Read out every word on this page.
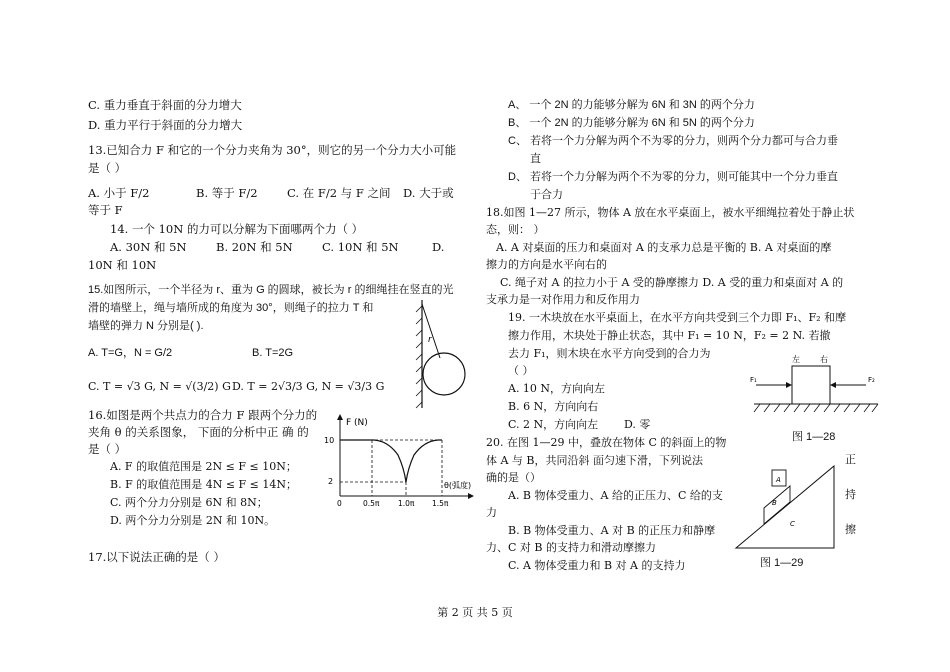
C. 重力垂直于斜面的分力增大
D. 重力平行于斜面的分力增大
13.已知合力 F 和它的一个分力夹角为 30°，则它的另一个分力大小可能
是（ ）
A. 小于 F/2	B. 等于 F/2	C. 在 F/2 与 F 之间 D. 大于或
等于 F
14. 一个 10N 的力可以分解为下面哪两个力（ ）
A. 30N 和 5N	B. 20N 和 5N	C. 10N 和 5N	D.
10N 和 10N
15.如图所示，一个半径为 r、重为 G 的圆球，被长为 r 的细绳挂在竖直的光
滑的墙壁上，绳与墙所成的角度为 30°，则绳子的拉力 T 和
墙壁的弹力 N 分别是( ).
A. T=G，N = G/2	B. T=2G
C. T = √3 G, N = √(3/2) G D. T = 2√3/3 G, N = √3/3 G
r
16.如图是两个共点力的合力 F 跟两个分力的
夹角 θ 的关系图象， 下面的分析中正 确 的
是（ ）
A. F 的取值范围是 2N ≤ F ≤ 10N；
B. F 的取值范围是 4N ≤ F ≤ 14N；
C. 两个分力分别是 6N 和 8N；
D. 两个分力分别是 2N 和 10N。
F (N)
θ(弧度)
10
2
0	0.5π 1.0π 1.5π
17.以下说法正确的是（ ）
A、 一个 2N 的力能够分解为 6N 和 3N 的两个分力
B、 一个 2N 的力能够分解为 6N 和 5N 的两个分力
C、 若将一个力分解为两个不为零的分力，则两个分力都可与合力垂
直
D、 若将一个力分解为两个不为零的分力，则可能其中一个分力垂直
于合力
18.如图 1—27 所示，物体 A 放在水平桌面上，被水平细绳拉着处于静止状
态，则： ）
A. A 对桌面的压力和桌面对 A 的支承力总是平衡的 B. A 对桌面的摩
擦力的方向是水平向右的
C. 绳子对 A 的拉力小于 A 受的静摩擦力 D. A 受的重力和桌面对 A 的
支承力是一对作用力和反作用力
19. 一木块放在水平桌面上，在水平方向共受到三个力即 F₁、F₂ 和摩
擦力作用，木块处于静止状态，其中 F₁ = 10 N，F₂ = 2 N. 若撤
去力 F₁，则木块在水平方向受到的合力为
（ ）
A. 10 N，方向向左
B. 6 N，方向向右
C. 2 N，方向向左 D. 零
左	右
F₁	F₂
图 1—28
20. 在图 1—29 中，叠放在物体 C 的斜面上的物
体 A 与 B，共同沿斜 面匀速下滑，下列说法
确的是（）
A. B 物体受重力、A 给的正压力、C 给的支
力
B. B 物体受重力、A 对 B 的正压力和静摩
力、C 对 B 的支持力和滑动摩擦力
C. A 物体受重力和 B 对 A 的支持力
正
持
擦
A
B
C
图 1—29
第 2 页 共 5 页
